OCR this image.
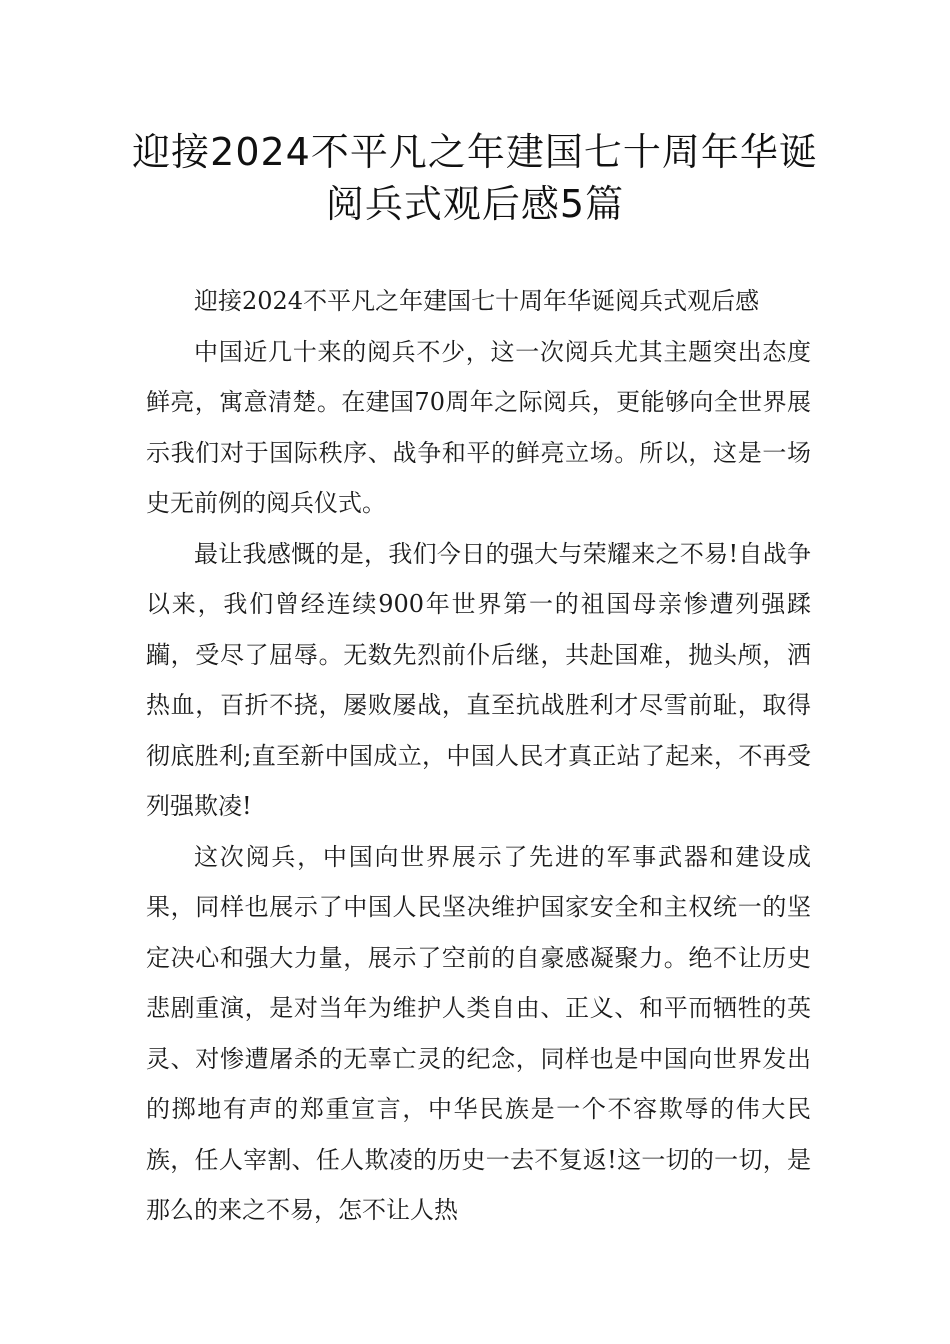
迎接2024不平凡之年建国七十周年华诞阅兵式观后感5篇

迎接2024不平凡之年建国七十周年华诞阅兵式观后感

中国近几十来的阅兵不少，这一次阅兵尤其主题突出态度鲜亮，寓意清楚。在建国70周年之际阅兵，更能够向全世界展示我们对于国际秩序、战争和平的鲜亮立场。所以，这是一场史无前例的阅兵仪式。

最让我感慨的是，我们今日的强大与荣耀来之不易!自战争以来，我们曾经连续900年世界第一的祖国母亲惨遭列强蹂躏，受尽了屈辱。无数先烈前仆后继，共赴国难，抛头颅，洒热血，百折不挠，屡败屡战，直至抗战胜利才尽雪前耻，取得彻底胜利;直至新中国成立，中国人民才真正站了起来，不再受列强欺凌!

这次阅兵，中国向世界展示了先进的军事武器和建设成果，同样也展示了中国人民坚决维护国家安全和主权统一的坚定决心和强大力量，展示了空前的自豪感凝聚力。绝不让历史悲剧重演，是对当年为维护人类自由、正义、和平而牺牲的英灵、对惨遭屠杀的无辜亡灵的纪念，同样也是中国向世界发出的掷地有声的郑重宣言，中华民族是一个不容欺辱的伟大民族，任人宰割、任人欺凌的历史一去不复返!这一切的一切，是那么的来之不易，怎不让人热
